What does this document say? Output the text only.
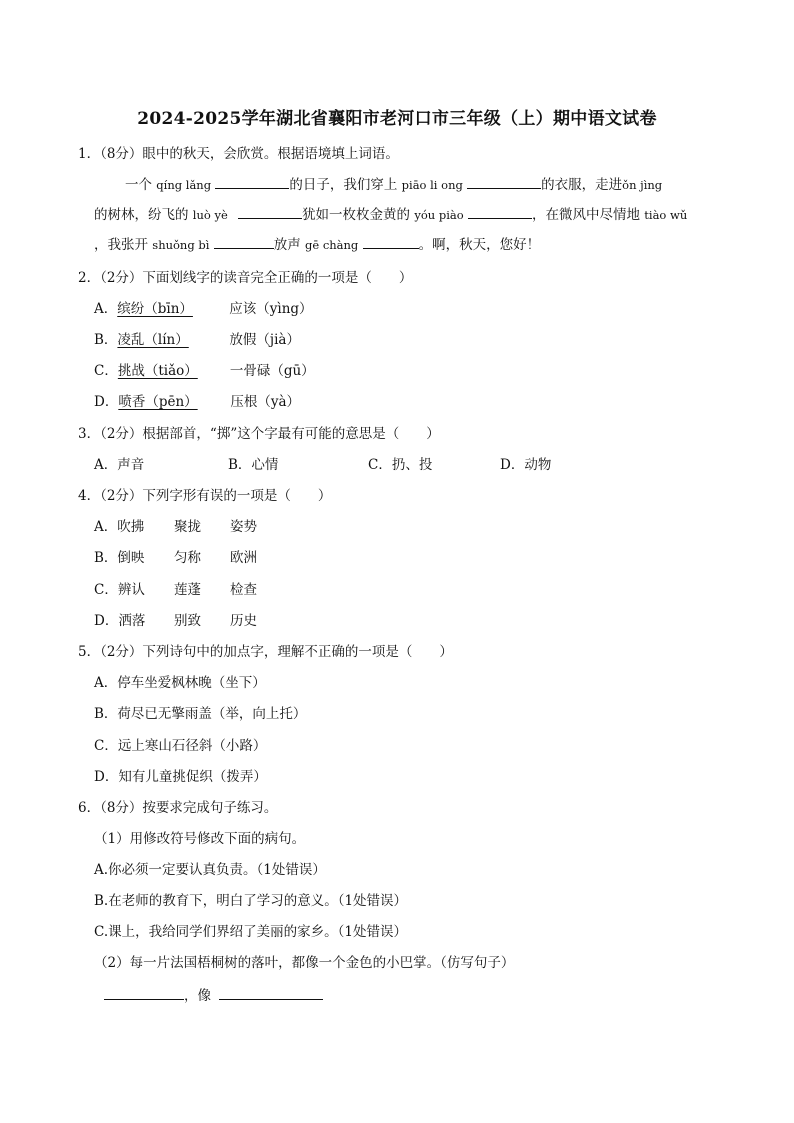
2024-2025学年湖北省襄阳市老河口市三年级（上）期中语文试卷
1．（8分）眼中的秋天，会欣赏。根据语境填上词语。
一个 qíng lǎng	的日子，我们穿上 piāo li ong	的衣服，走进ǒn jìng
的树林，纷飞的 luò yè	犹如一枚枚金黄的 yóu piào	，在微风中尽情地 tiào wǔ
，我张开 shuǒng bì	放声 gē chàng	。啊，秋天，您好！
2．（2分）下面划线字的读音完全正确的一项是（　　）
A．缤纷（bīn）	应该（yìng）
B．凌乱（lín）	放假（jià）
C．挑战（tiǎo） 一骨碌（gū）
D．喷香（pēn） 压根（yà）
3．（2分）根据部首，“掷”这个字最有可能的意思是（　　）
A．声音	B．心情	C．扔、投	D．动物
4．（2分）下列字形有误的一项是（　　）
A．吹拂 聚拢 姿势
B．倒映 匀称 欧洲
C．辨认 莲蓬 检查
D．洒落 别致 历史
5．（2分）下列诗句中的加点字，理解不正确的一项是（　　）
A．停车坐爱枫林晚（坐下）
B．荷尽已无擎雨盖（举，向上托）
C．远上寒山石径斜（小路）
D．知有儿童挑促织（拨弄）
6．（8分）按要求完成句子练习。
（1）用修改符号修改下面的病句。
A.你必须一定要认真负责。（1处错误）
B.在老师的教育下，明白了学习的意义。（1处错误）
C.课上，我给同学们界绍了美丽的家乡。（1处错误）
（2）每一片法国梧桐树的落叶，都像一个金色的小巴掌。（仿写句子）
，像
